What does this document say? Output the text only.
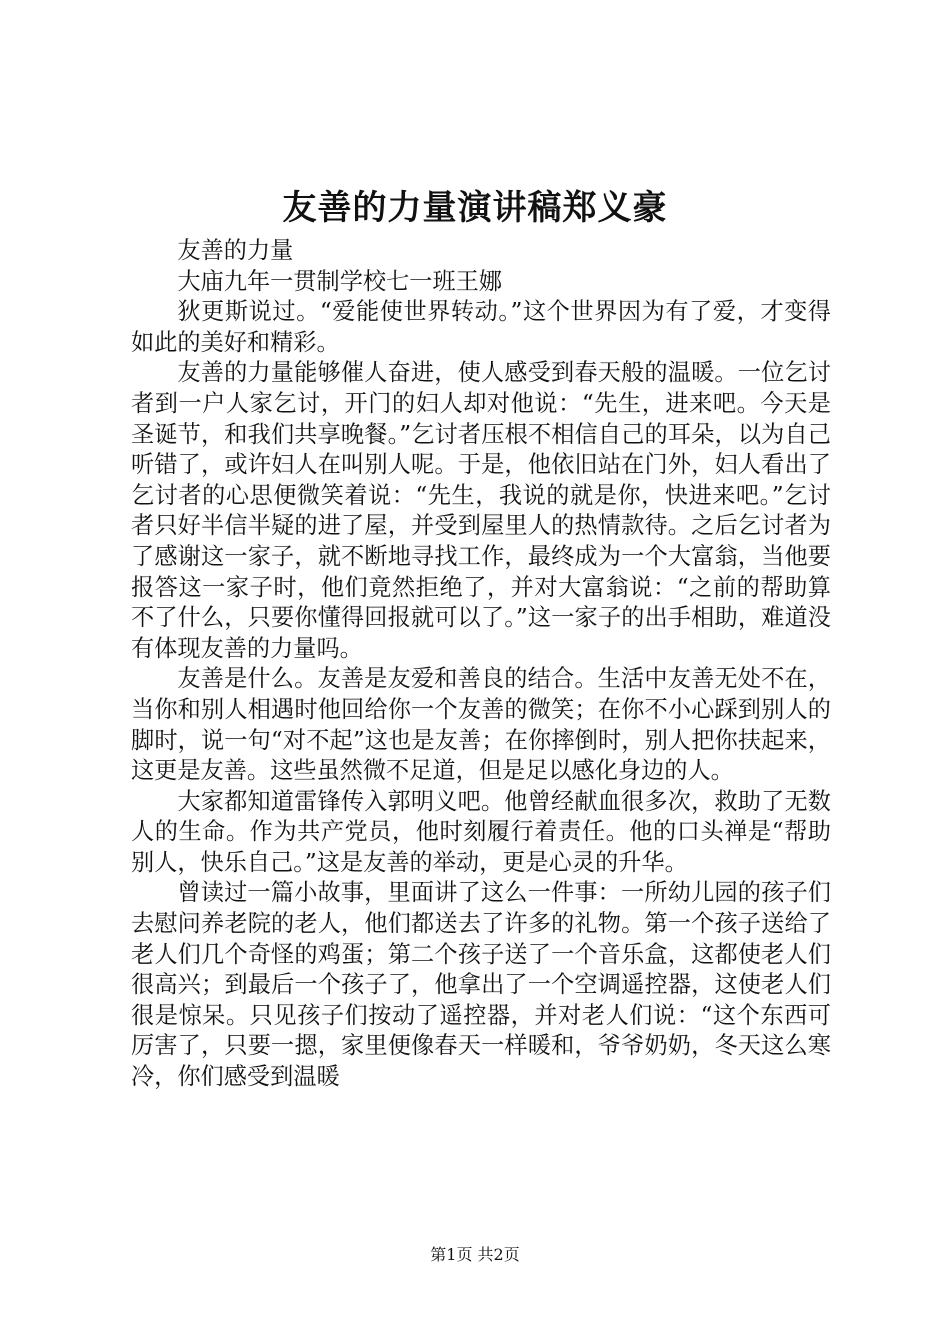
友善的力量演讲稿郑义豪

友善的力量

大庙九年一贯制学校七一班王娜

狄更斯说过。“爱能使世界转动。”这个世界因为有了爱，才变得如此的美好和精彩。

友善的力量能够催人奋进，使人感受到春天般的温暖。一位乞讨者到一户人家乞讨，开门的妇人却对他说：“先生，进来吧。今天是圣诞节，和我们共享晚餐。”乞讨者压根不相信自己的耳朵，以为自己听错了，或许妇人在叫别人呢。于是，他依旧站在门外，妇人看出了乞讨者的心思便微笑着说：“先生，我说的就是你，快进来吧。”乞讨者只好半信半疑的进了屋，并受到屋里人的热情款待。之后乞讨者为了感谢这一家子，就不断地寻找工作，最终成为一个大富翁，当他要报答这一家子时，他们竟然拒绝了，并对大富翁说：“之前的帮助算不了什么，只要你懂得回报就可以了。”这一家子的出手相助，难道没有体现友善的力量吗。

友善是什么。友善是友爱和善良的结合。生活中友善无处不在，当你和别人相遇时他回给你一个友善的微笑；在你不小心踩到别人的脚时，说一句“对不起”这也是友善；在你摔倒时，别人把你扶起来，这更是友善。这些虽然微不足道，但是足以感化身边的人。

大家都知道雷锋传入郭明义吧。他曾经献血很多次，救助了无数人的生命。作为共产党员，他时刻履行着责任。他的口头禅是“帮助别人，快乐自己。”这是友善的举动，更是心灵的升华。

曾读过一篇小故事，里面讲了这么一件事：一所幼儿园的孩子们去慰问养老院的老人，他们都送去了许多的礼物。第一个孩子送给了老人们几个奇怪的鸡蛋；第二个孩子送了一个音乐盒，这都使老人们很高兴；到最后一个孩子了，他拿出了一个空调遥控器，这使老人们很是惊呆。只见孩子们按动了遥控器，并对老人们说：“这个东西可厉害了，只要一摁，家里便像春天一样暖和，爷爷奶奶，冬天这么寒冷，你们感受到温暖

第1页 共2页
